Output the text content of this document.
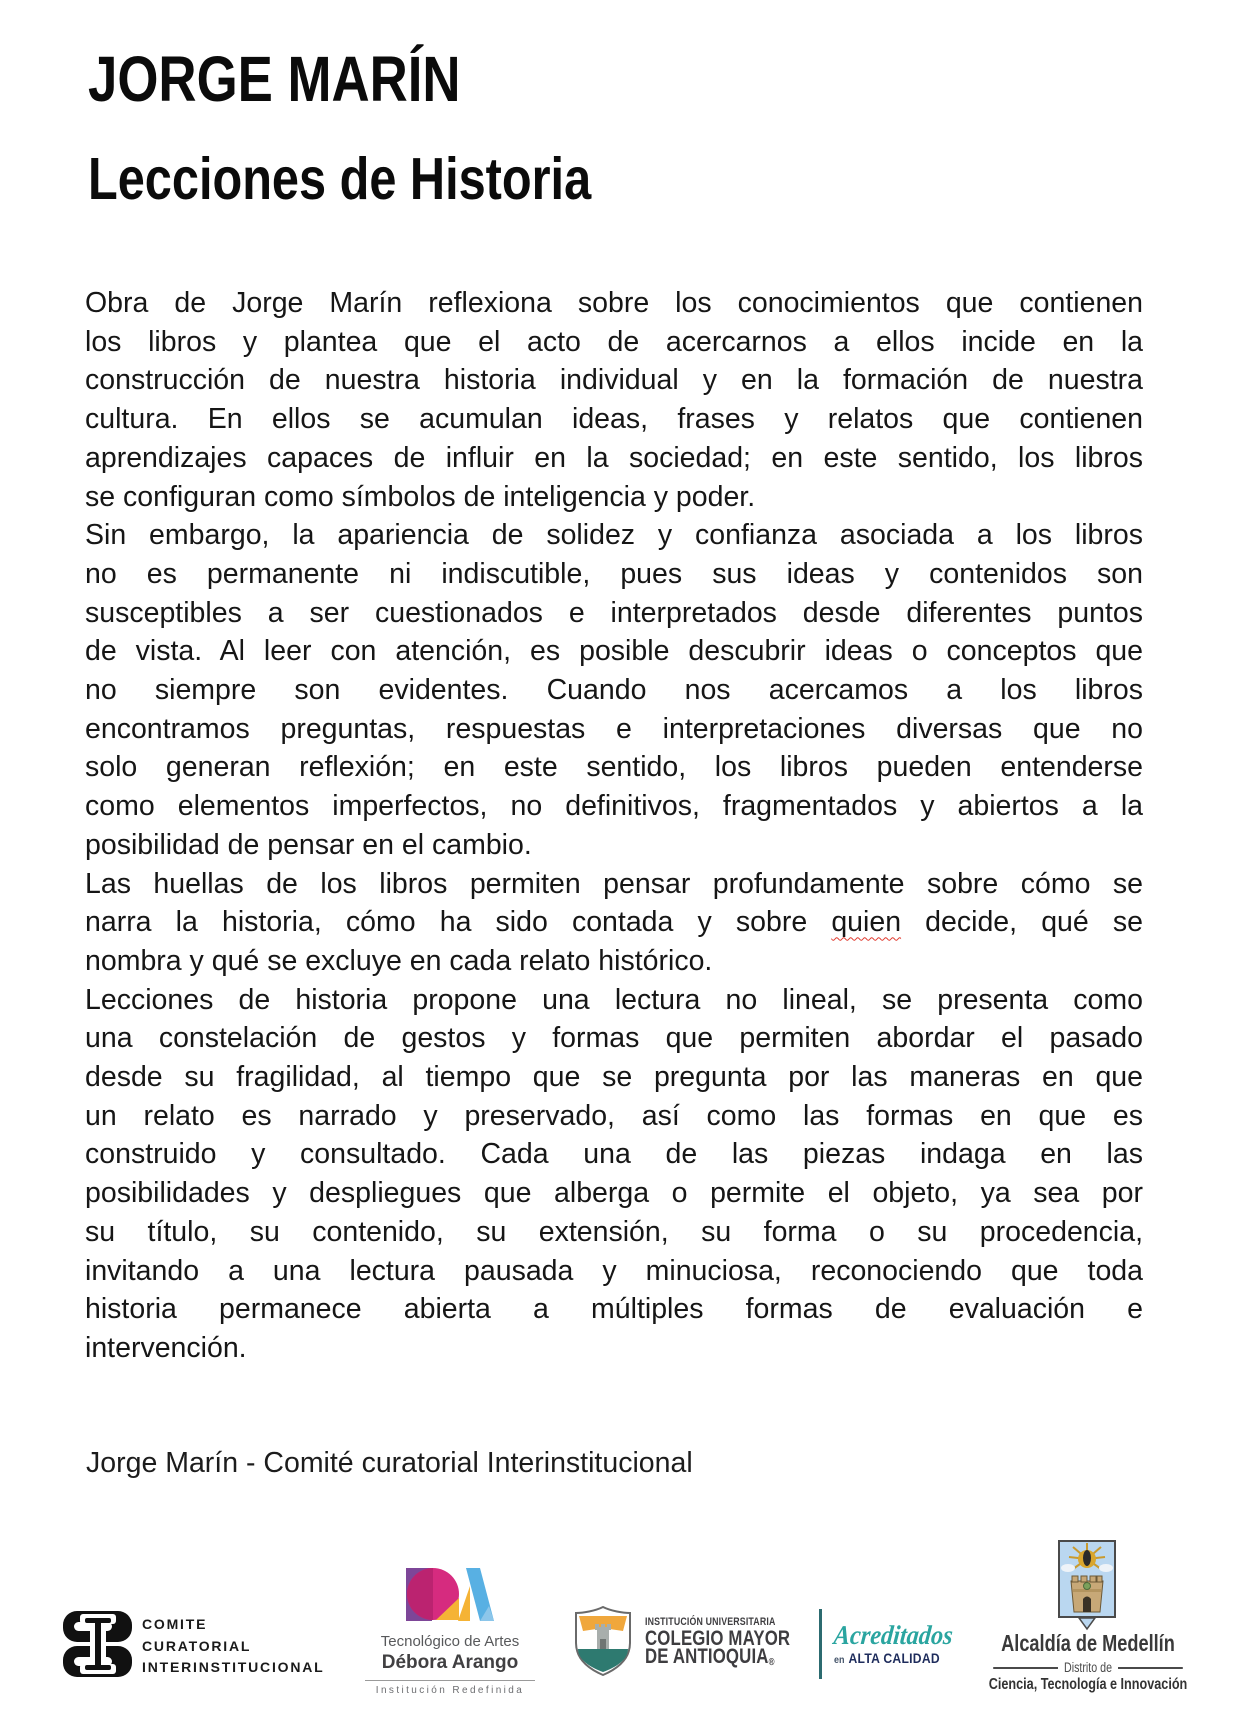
JORGE MARÍN
Lecciones de Historia
Obra de Jorge Marín reflexiona sobre los conocimientos que contienen
los libros y plantea que el acto de acercarnos a ellos incide en la
construcción de nuestra historia individual y en la formación de nuestra
cultura. En ellos se acumulan ideas, frases y relatos que contienen
aprendizajes capaces de influir en la sociedad; en este sentido, los libros
se configuran como símbolos de inteligencia y poder.
Sin embargo, la apariencia de solidez y confianza asociada a los libros
no es permanente ni indiscutible, pues sus ideas y contenidos son
susceptibles a ser cuestionados e interpretados desde diferentes puntos
de vista. Al leer con atención, es posible descubrir ideas o conceptos que
no siempre son evidentes. Cuando nos acercamos a los libros
encontramos preguntas, respuestas e interpretaciones diversas que no
solo generan reflexión; en este sentido, los libros pueden entenderse
como elementos imperfectos, no definitivos, fragmentados y abiertos a la
posibilidad de pensar en el cambio.
Las huellas de los libros permiten pensar profundamente sobre cómo se
narra la historia, cómo ha sido contada y sobre quien decide, qué se
nombra y qué se excluye en cada relato histórico.
Lecciones de historia propone una lectura no lineal, se presenta como
una constelación de gestos y formas que permiten abordar el pasado
desde su fragilidad, al tiempo que se pregunta por las maneras en que
un relato es narrado y preservado, así como las formas en que es
construido y consultado. Cada una de las piezas indaga en las
posibilidades y despliegues que alberga o permite el objeto, ya sea por
su título, su contenido, su extensión, su forma o su procedencia,
invitando a una lectura pausada y minuciosa, reconociendo que toda
historia permanece abierta a múltiples formas de evaluación e
intervención.
Jorge Marín - Comité curatorial Interinstitucional
COMITE
CURATORIAL
INTERINSTITUCIONAL
Tecnológico de Artes
Débora Arango
Institución Redefinida
INSTITUCIÓN UNIVERSITARIA
COLEGIO MAYOR
DE ANTIOQUIA®
Acreditados
en ALTA CALIDAD
Alcaldía de Medellín
Distrito de
Ciencia, Tecnología e Innovación
